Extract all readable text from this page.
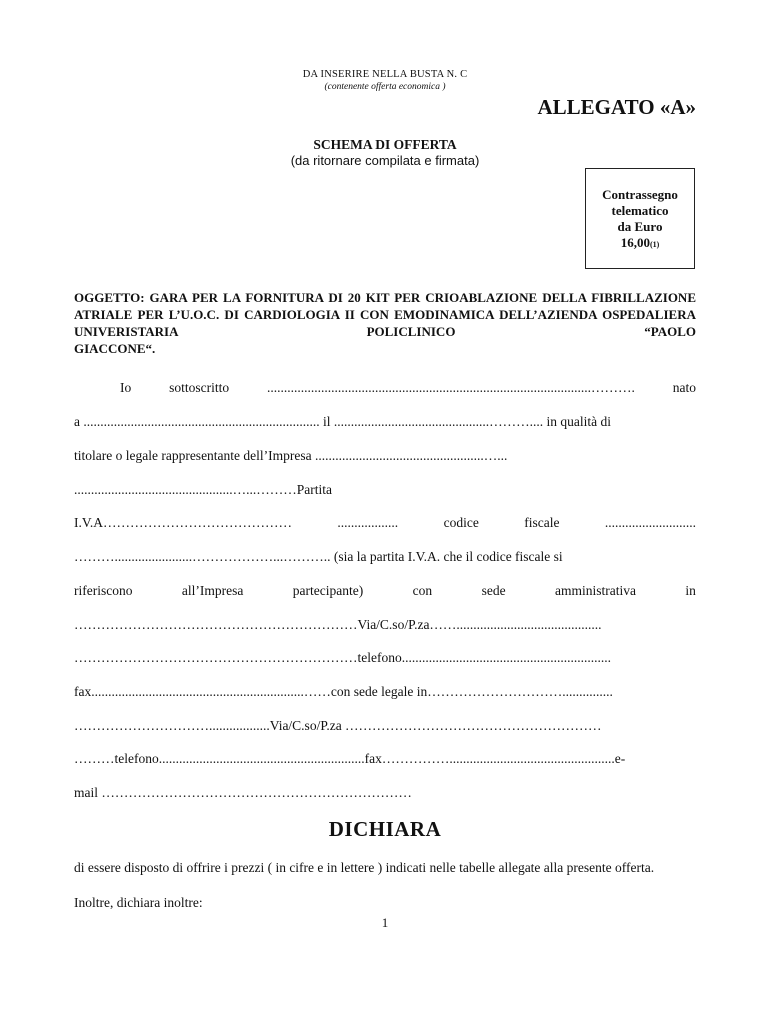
DA INSERIRE NELLA BUSTA N. C
(contenente offerta economica )
ALLEGATO «A»
SCHEMA DI OFFERTA
(da ritornare compilata e firmata)
Contrassegno
telematico
da Euro
16,00(1)
OGGETTO: GARA PER LA FORNITURA DI 20 KIT PER CRIOABLAZIONE DELLA FIBRILLAZIONE ATRIALE PER L’U.O.C. DI CARDIOLOGIA II CON EMODINAMICA DELL’AZIENDA OSPEDALIERA UNIVERISTARIA POLICLINICO “PAOLO
GIACCONE“.
Io	sottoscritto	................................................................................................……….	nato
a ...................................................................... il ..............................................……….... in qualità di
titolare o legale rappresentante dell’Impresa ..................................................…...
...............................................…...………Partita
I.V.A……………………………………	..................	codice	fiscale	...........................
……….......................………………...……….. (sia la partita I.V.A. che il codice fiscale si
riferiscono	all’Impresa	partecipante)	con	sede	amministrativa	in
………………………………………………………Via/C.so/P.za……...........................................
………………………………………………………telefono..............................................................
fax...............................................................……con sede legale in…………………………...............
…………………………..................Via/C.so/P.za …………………………………………………
………telefono.............................................................fax…………….................................................e-
mail ……………………………………………………………
DICHIARA
di essere disposto di offrire i prezzi ( in cifre e in lettere ) indicati nelle tabelle allegate alla presente offerta.
Inoltre, dichiara inoltre:
1
